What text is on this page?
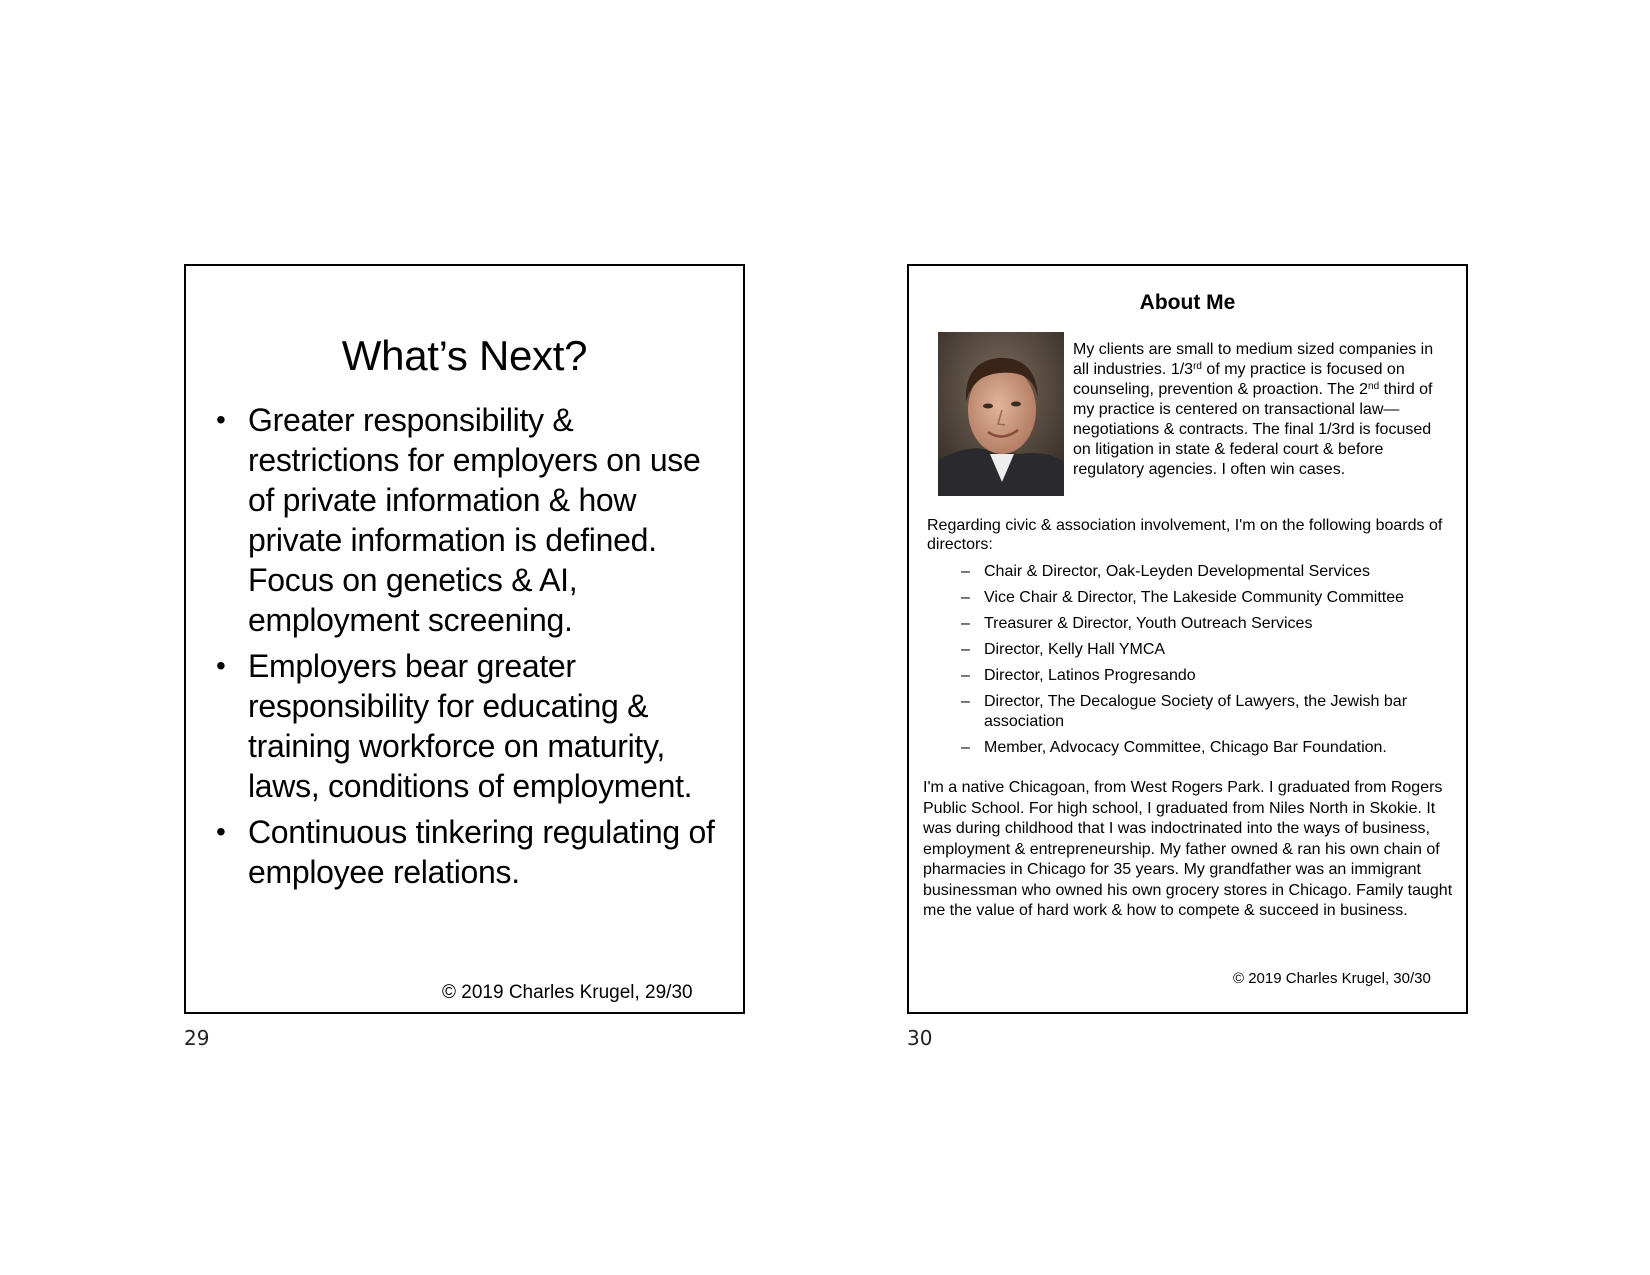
What’s Next?
• Greater responsibility & restrictions for employers on use of private information & how private information is defined. Focus on genetics & AI, employment screening.
• Employers bear greater responsibility for educating & training workforce on maturity, laws, conditions of employment.
• Continuous tinkering regulating of employee relations.
© 2019 Charles Krugel, 29/30
29
About Me
My clients are small to medium sized companies in all industries. 1/3rd of my practice is focused on counseling, prevention & proaction. The 2nd third of my practice is centered on transactional law—negotiations & contracts. The final 1/3rd is focused on litigation in state & federal court & before regulatory agencies. I often win cases.
Regarding civic & association involvement, I'm on the following boards of directors:
– Chair & Director, Oak-Leyden Developmental Services
– Vice Chair & Director, The Lakeside Community Committee
– Treasurer & Director, Youth Outreach Services
– Director, Kelly Hall YMCA
– Director, Latinos Progresando
– Director, The Decalogue Society of Lawyers, the Jewish bar association
– Member, Advocacy Committee, Chicago Bar Foundation.
I'm a native Chicagoan, from West Rogers Park. I graduated from Rogers Public School. For high school, I graduated from Niles North in Skokie. It was during childhood that I was indoctrinated into the ways of business, employment & entrepreneurship. My father owned & ran his own chain of pharmacies in Chicago for 35 years. My grandfather was an immigrant businessman who owned his own grocery stores in Chicago. Family taught me the value of hard work & how to compete & succeed in business.
© 2019 Charles Krugel, 30/30
30
